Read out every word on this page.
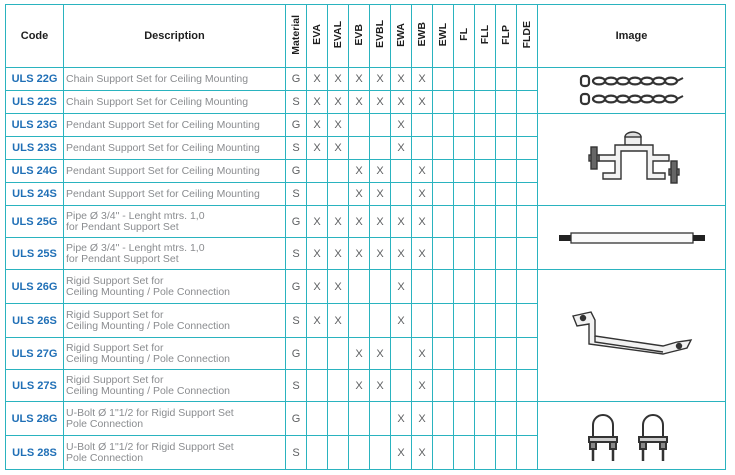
Code	Description	Material	EVA	EVAL	EVB	EVBL	EWA	EWB	EWL	FL	FLL	FLP	FLDE	Image
ULS 22G	Chain Support Set for Ceiling Mounting	G	X	X	X	X	X	X						

ULS 22S	Chain Support Set for Ceiling Mounting	S	X	X	X	X	X	X						
ULS 23G	Pendant Support Set for Ceiling Mounting	G	X	X			X							

ULS 23S	Pendant Support Set for Ceiling Mounting	S	X	X			X							
ULS 24G	Pendant Support Set for Ceiling Mounting	G			X	X		X						
ULS 24S	Pendant Support Set for Ceiling Mounting	S			X	X		X						
ULS 25G	Pipe Ø 3/4" - Lenght mtrs. 1,0
for Pendant Support Set	G	X	X	X	X	X	X						

ULS 25S	Pipe Ø 3/4" - Lenght mtrs. 1,0
for Pendant Support Set	S	X	X	X	X	X	X						
ULS 26G	Rigid Support Set for
Ceiling Mounting / Pole Connection	G	X	X			X							

ULS 26S	Rigid Support Set for
Ceiling Mounting / Pole Connection	S	X	X			X							
ULS 27G	Rigid Support Set for
Ceiling Mounting / Pole Connection	G			X	X		X						
ULS 27S	Rigid Support Set for
Ceiling Mounting / Pole Connection	S			X	X		X						
ULS 28G	U-Bolt Ø 1"1/2 for Rigid Support Set
Pole Connection	G					X	X						

ULS 28S	U-Bolt Ø 1"1/2 for Rigid Support Set
Pole Connection	S					X	X						
